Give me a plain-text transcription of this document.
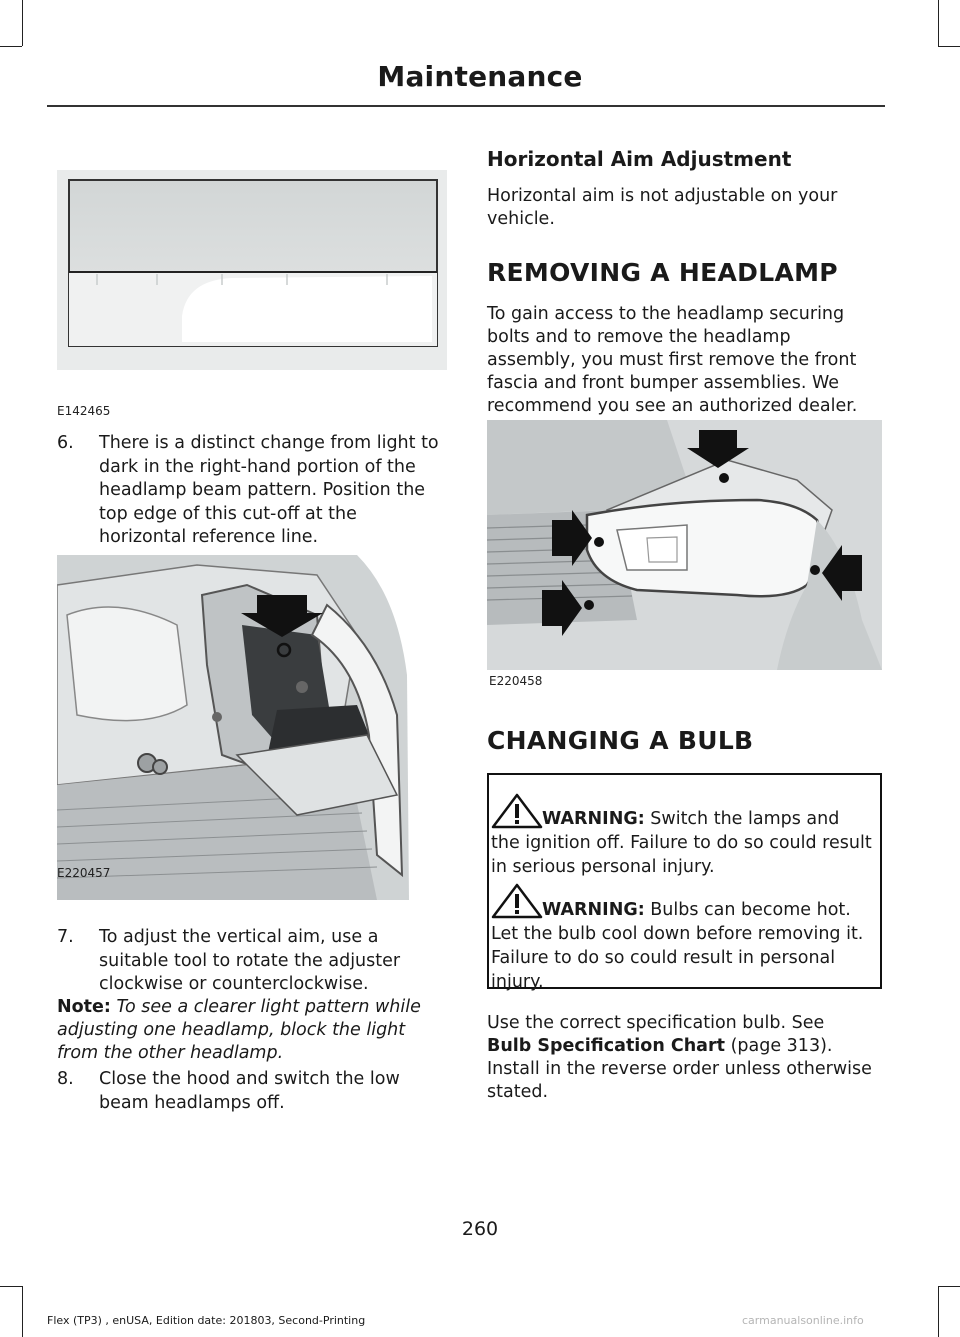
Maintenance
E142465
6. There is a distinct change from light to
dark in the right-hand portion of the
headlamp beam pattern. Position the
top edge of this cut-off at the
horizontal reference line.
E220457
7. To adjust the vertical aim, use a
suitable tool to rotate the adjuster
clockwise or counterclockwise.
Note: To see a clearer light pattern while
adjusting one headlamp, block the light
from the other headlamp.
8. Close the hood and switch the low
beam headlamps off.
Horizontal Aim Adjustment
Horizontal aim is not adjustable on your
vehicle.
REMOVING A HEADLAMP
To gain access to the headlamp securing
bolts and to remove the headlamp
assembly, you must first remove the front
fascia and front bumper assemblies. We
recommend you see an authorized dealer.
E220458
CHANGING A BULB
WARNING: Switch the lamps and
the ignition off. Failure to do so could result
in serious personal injury.
WARNING: Bulbs can become hot.
Let the bulb cool down before removing it.
Failure to do so could result in personal
injury.
Use the correct specification bulb. See
Bulb Specification Chart (page 313).
Install in the reverse order unless otherwise
stated.
260
Flex (TP3) , enUSA, Edition date: 201803, Second-Printing	carmanualsonline.info
